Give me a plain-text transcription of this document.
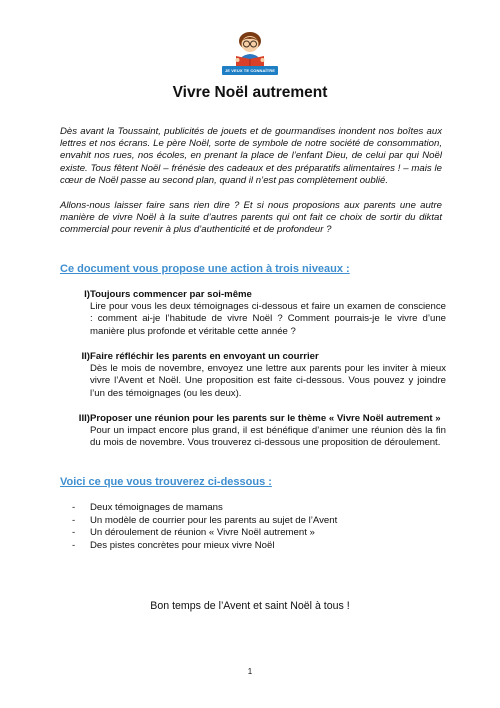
JE VEUX TE CONNAÎTRE
Vivre Noël autrement

Dès avant la Toussaint, publicités de jouets et de gourmandises inondent nos boîtes aux lettres et nos écrans. Le père Noël, sorte de symbole de notre société de consommation, envahit nos rues, nos écoles, en prenant la place de l’enfant Dieu, de celui par qui Noël existe. Tous fêtent Noël – frénésie des cadeaux et des préparatifs alimentaires ! – mais le cœur de Noël passe au second plan, quand il n’est pas complètement oublié.

Allons-nous laisser faire sans rien dire ? Et si nous proposions aux parents une autre manière de vivre Noël à la suite d’autres parents qui ont fait ce choix de sortir du diktat commercial pour revenir à plus d’authenticité et de profondeur ?

Ce document vous propose une action à trois niveaux :
I) Toujours commencer par soi-même

Lire pour vous les deux témoignages ci-dessous et faire un examen de conscience : comment ai-je l’habitude de vivre Noël ? Comment pourrais-je le vivre d’une manière plus profonde et véritable cette année ?

II) Faire réfléchir les parents en envoyant un courrier

Dès le mois de novembre, envoyez une lettre aux parents pour les inviter à mieux vivre l’Avent et Noël. Une proposition est faite ci-dessous. Vous pouvez y joindre l’un des témoignages (ou les deux).

III) Proposer une réunion pour les parents sur le thème « Vivre Noël autrement »

Pour un impact encore plus grand, il est bénéfique d’animer une réunion dès la fin du mois de novembre. Vous trouverez ci-dessous une proposition de déroulement.

Voici ce que vous trouverez ci-dessous :
- Deux témoignages de mamans
- Un modèle de courrier pour les parents au sujet de l’Avent
- Un déroulement de réunion « Vivre Noël autrement »
- Des pistes concrètes pour mieux vivre Noël
Bon temps de l’Avent et saint Noël à tous !
1
